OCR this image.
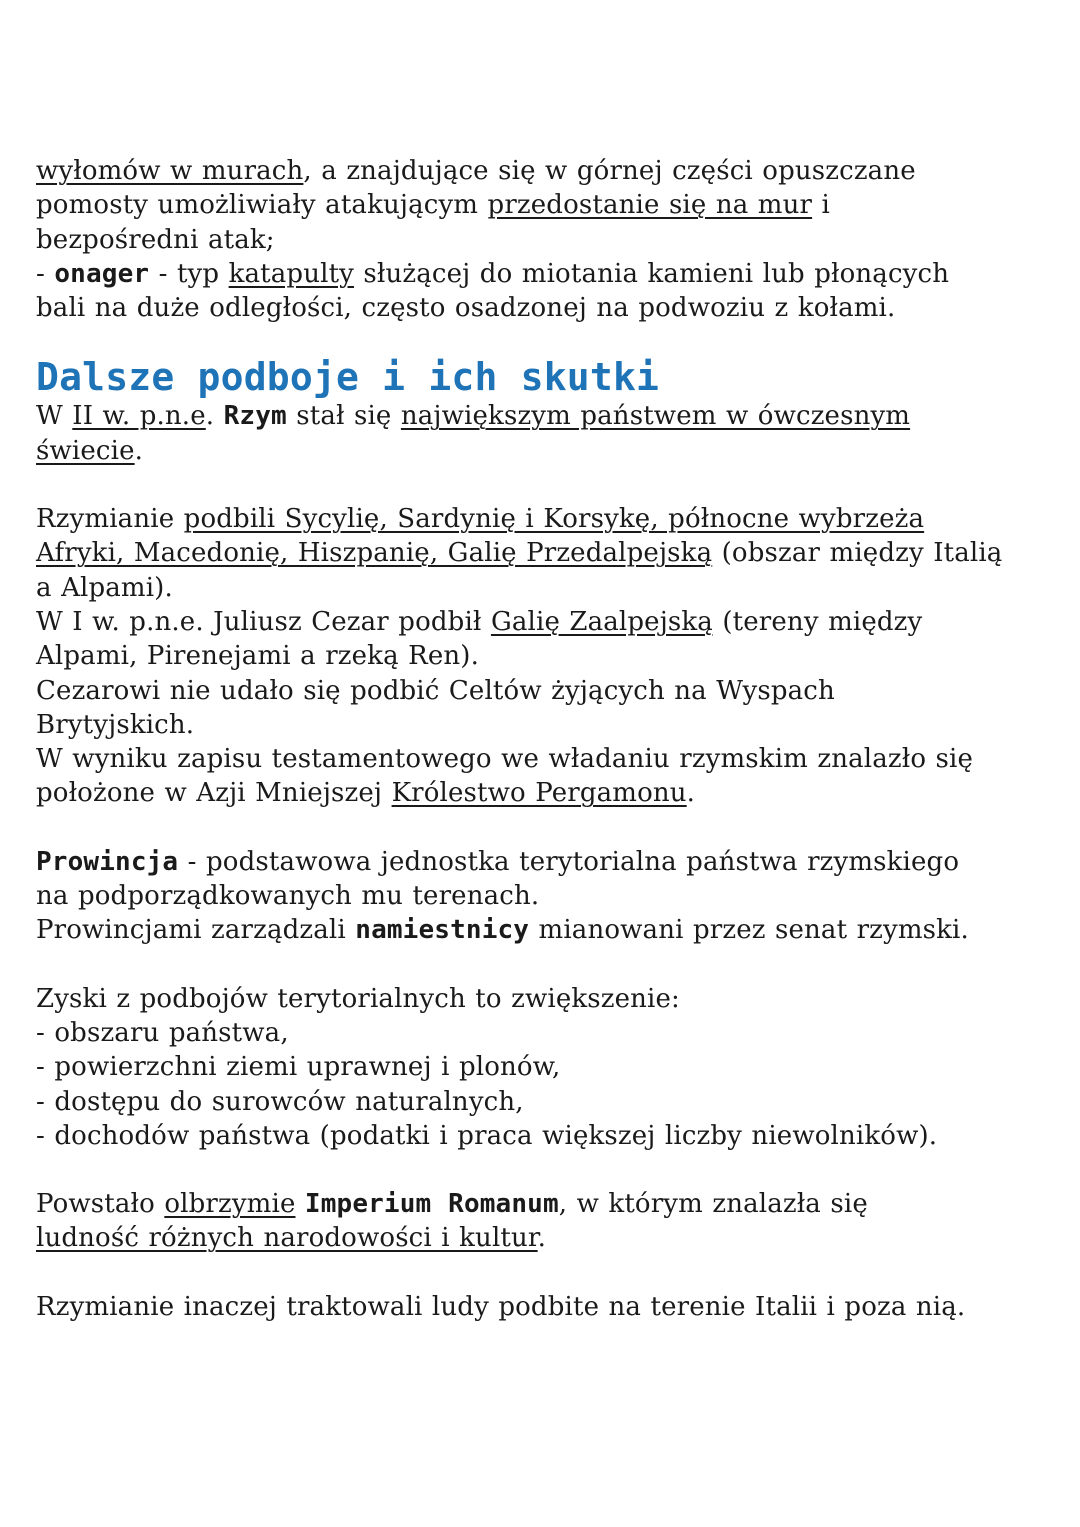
wyłomów w murach, a znajdujące się w górnej części opuszczane
pomosty umożliwiały atakującym przedostanie się na mur i
bezpośredni atak;
- onager - typ katapulty służącej do miotania kamieni lub płonących
bali na duże odległości, często osadzonej na podwoziu z kołami.

Dalsze podboje i ich skutki

W II w. p.n.e. Rzym stał się największym państwem w ówczesnym
świecie.

Rzymianie podbili Sycylię, Sardynię i Korsykę, północne wybrzeża
Afryki, Macedonię, Hiszpanię, Galię Przedalpejską (obszar między Italią
a Alpami).
W I w. p.n.e. Juliusz Cezar podbił Galię Zaalpejską (tereny między
Alpami, Pirenejami a rzeką Ren).
Cezarowi nie udało się podbić Celtów żyjących na Wyspach
Brytyjskich.
W wyniku zapisu testamentowego we władaniu rzymskim znalazło się
położone w Azji Mniejszej Królestwo Pergamonu.

Prowincja - podstawowa jednostka terytorialna państwa rzymskiego
na podporządkowanych mu terenach.
Prowincjami zarządzali namiestnicy mianowani przez senat rzymski.

Zyski z podbojów terytorialnych to zwiększenie:
- obszaru państwa,
- powierzchni ziemi uprawnej i plonów,
- dostępu do surowców naturalnych,
- dochodów państwa (podatki i praca większej liczby niewolników).

Powstało olbrzymie Imperium Romanum, w którym znalazła się
ludność różnych narodowości i kultur.

Rzymianie inaczej traktowali ludy podbite na terenie Italii i poza nią.
